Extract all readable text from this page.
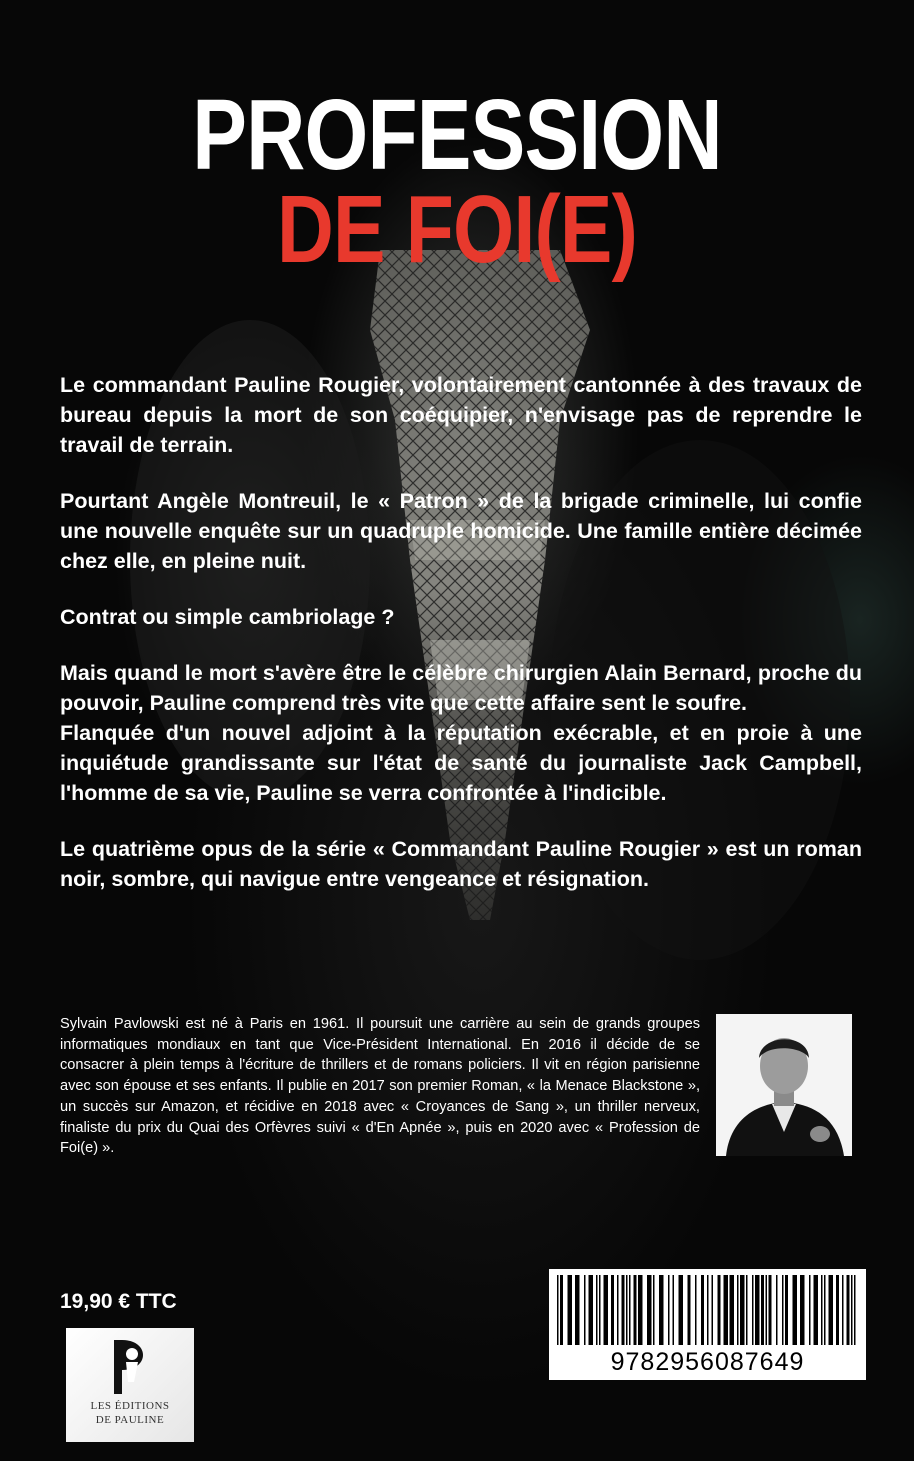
PROFESSION
DE FOI(E)

Le commandant Pauline Rougier, volontairement cantonnée à des travaux de bureau depuis la mort de son coéquipier, n'envisage pas de reprendre le travail de terrain.

Pourtant Angèle Montreuil, le « Patron » de la brigade criminelle, lui confie une nouvelle enquête sur un quadruple homicide. Une famille entière décimée chez elle, en pleine nuit.

Contrat ou simple cambriolage ?

Mais quand le mort s'avère être le célèbre chirurgien Alain Bernard, proche du pouvoir, Pauline comprend très vite que cette affaire sent le soufre.

Flanquée d'un nouvel adjoint à la réputation exécrable, et en proie à une inquiétude grandissante sur l'état de santé du journaliste Jack Campbell, l'homme de sa vie, Pauline se verra confrontée à l'indicible.

Le quatrième opus de la série « Commandant Pauline Rougier » est un roman noir, sombre, qui navigue entre vengeance et résignation.

Sylvain Pavlowski est né à Paris en 1961. Il poursuit une carrière au sein de grands groupes informatiques mondiaux en tant que Vice-Président International. En 2016 il décide de se consacrer à plein temps à l'écriture de thrillers et de romans policiers. Il vit en région parisienne avec son épouse et ses enfants. Il publie en 2017 son premier Roman, « la Menace Blackstone », un succès sur Amazon, et récidive en 2018 avec « Croyances de Sang », un thriller nerveux, finaliste du prix du Quai des Orfèvres suivi « d'En Apnée », puis en 2020 avec « Profession de Foi(e) ».

19,90 € TTC
LES ÉDITIONS
DE PAULINE
9782956087649
